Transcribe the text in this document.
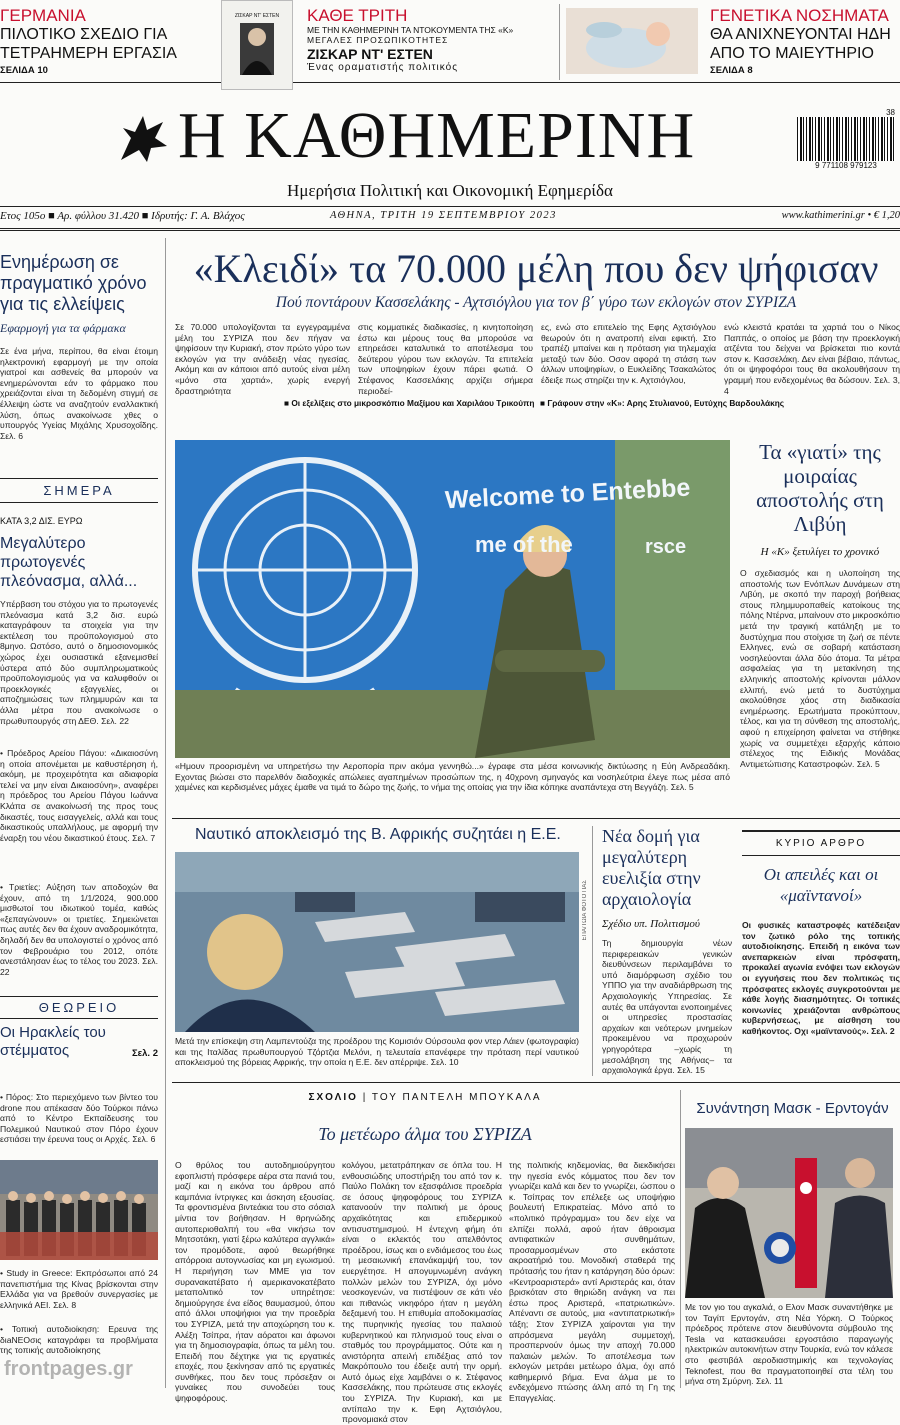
ΓΕΡΜΑΝΙΑ
ΠΙΛΟΤΙΚΟ ΣΧΕΔΙΟ ΓΙΑ ΤΕΤΡΑΗΜΕΡΗ ΕΡΓΑΣΙΑ
ΣΕΛΙΔΑ 10
ΖΙΣΚΑΡ ΝΤ' ΕΣΤΕΝ	ΚΑΘΕ ΤΡΙΤΗ
ΜΕ ΤΗΝ ΚΑΘΗΜΕΡΙΝΗ ΤΑ ΝΤΟΚΟΥΜΕΝΤΑ ΤΗΣ «Κ»
ΜΕΓΑΛΕΣ ΠΡΟΣΩΠΙΚΟΤΗΤΕΣ
ΖΙΣΚΑΡ ΝΤ' ΕΣΤΕΝ
Ένας οραματιστής πολιτικός
ΓΕΝΕΤΙΚΑ ΝΟΣΗΜΑΤΑ
ΘΑ ΑΝΙΧΝΕΥΟΝΤΑΙ ΗΔΗ ΑΠΟ ΤΟ ΜΑΙΕΥΤΗΡΙΟ
ΣΕΛΙΔΑ 8
Η ΚΑΘΗΜΕΡΙΝΗ	38
9 771108 979123
Ημερήσια Πολιτική και Οικονομική Εφημερίδα
Ετος 105ο ■ Αρ. φύλλου 31.420 ■ Ιδρυτής: Γ. Α. Βλάχος	ΑΘΗΝΑ, ΤΡΙΤΗ 19 ΣΕΠΤΕΜΒΡΙΟΥ 2023	www.kathimerini.gr • € 1,20
Ενημέρωση σε πραγματικό χρόνο για τις ελλείψεις
Εφαρμογή για τα φάρμακα
Σε ένα μήνα, περίπου, θα είναι έτοιμη ηλεκτρονική εφαρμογή με την οποία γιατροί και ασθενείς θα μπορούν να ενημερώνονται εάν το φάρμακο που χρειάζονται είναι τη δεδομένη στιγμή σε έλλειψη ώστε να αναζητούν εναλλακτική λύση, όπως ανακοίνωσε χθες ο υπουργός Υγείας Μιχάλης Χρυσοχοΐδης. Σελ. 6
ΣΗΜΕΡΑ
ΚΑΤΑ 3,2 ΔΙΣ. ΕΥΡΩ
Μεγαλύτερο πρωτογενές πλεόνασμα, αλλά...
Υπέρβαση του στόχου για το πρωτογενές πλεόνασμα κατά 3,2 δισ. ευρώ καταγράφουν τα στοιχεία για την εκτέλεση του προϋπολογισμού στο 8μηνο. Ωστόσο, αυτό ο δημοσιονομικός χώρος έχει ουσιαστικά εξανεμισθεί ύστερα από δύο συμπληρωματικούς προϋπολογισμούς για να καλυφθούν οι προεκλογικές εξαγγελίες, οι αποζημιώσεις των πλημμυρών και τα άλλα μέτρα που ανακοίνωσε ο πρωθυπουργός στη ΔΕΘ. Σελ. 22
• Πρόεδρος Αρείου Πάγου: «Δικαιοσύνη η οποία απονέμεται με καθυστέρηση ή, ακόμη, με προχειρότητα και αδιαφορία τελεί να μην είναι Δικαιοσύνη», αναφέρει η πρόεδρος του Αρείου Πάγου Ιωάννα Κλάπα σε ανακοίνωσή της προς τους δικαστές, τους εισαγγελείς, αλλά και τους δικαστικούς υπαλλήλους, με αφορμή την έναρξη του νέου δικαστικού έτους. Σελ. 7
• Τριετίες: Αύξηση των αποδοχών θα έχουν, από τη 1/1/2024, 900.000 μισθωτοί του ιδιωτικού τομέα, καθώς «ξεπαγώνουν» οι τριετίες. Σημειώνεται πως αυτές δεν θα έχουν αναδρομικότητα, δηλαδή δεν θα υπολογιστεί ο χρόνος από τον Φεβρουάριο του 2012, οπότε ανεστάλησαν έως το τέλος του 2023. Σελ. 22
ΘΕΩΡΕΙΟ
Οι Ηρακλείς του στέμματος	Σελ. 2
• Πόρος: Στο περιεχόμενο των βίντεο του drone που απέκασαν δύο Τούρκοι πάνω από το Κέντρο Εκπαίδευσης του Πολεμικού Ναυτικού στον Πόρο έχουν εστιάσει την έρευνα τους οι Αρχές. Σελ. 6
• Study in Greece: Εκπρόσωποι από 24 πανεπιστήμια της Κίνας βρίσκονται στην Ελλάδα για να βρεθούν συνεργασίες με ελληνικά ΑΕΙ. Σελ. 8
• Τοπική αυτοδιοίκηση: Ερευνα της διaNEOσις καταγράφει τα προβλήματα της τοπικής αυτοδιοίκησης
frontpages.gr
«Κλειδί» τα 70.000 μέλη που δεν ψήφισαν
Πού ποντάρουν Κασσελάκης - Αχτσιόγλου για τον β΄ γύρο των εκλογών στον ΣΥΡΙΖΑ
Σε 70.000 υπολογίζονται τα εγγεγραμμένα μέλη του ΣΥΡΙΖΑ που δεν πήγαν να ψηφίσουν την Κυριακή, στον πρώτο γύρο των εκλογών για την ανάδειξη νέας ηγεσίας. Ακόμη και αν κάποιοι από αυτούς είναι μέλη «μόνο στα χαρτιά», χωρίς ενεργή δραστηριότητα
στις κομματικές διαδικασίες, η κινητοποίηση έστω και μέρους τους θα μπορούσε να επηρεάσει καταλυτικά το αποτέλεσμα του δεύτερου γύρου των εκλογών. Τα επιτελεία των υποψηφίων έχουν πάρει φωτιά. Ο Στέφανος Κασσελάκης αρχίζει σήμερα περιοδεί-
ες, ενώ στο επιτελείο της Εφης Αχτσιόγλου θεωρούν ότι η ανατροπή είναι εφικτή. Στο τραπέζι μπαίνει και η πρόταση για τηλεμαχία μεταξύ των δύο. Οσον αφορά τη στάση των άλλων υποψηφίων, ο Ευκλείδης Τσακαλώτος έδειξε πως στηρίζει την κ. Αχτσιόγλου,
ενώ κλειστά κρατάει τα χαρτιά του ο Νίκος Παππάς, ο οποίος με βάση την προεκλογική ατζέντα του δείχνει να βρίσκεται πιο κοντά στον κ. Κασσελάκη. Δεν είναι βέβαιο, πάντως, ότι οι ψηφοφόροι τους θα ακολουθήσουν τη γραμμή που ενδεχομένως θα δώσουν. Σελ. 3, 4
■ Οι εξελίξεις στο μικροσκόπιο Μαξίμου και Χαριλάου Τρικούπη ■ Γράφουν στην «Κ»: Αρης Στυλιανού, Ευτύχης Βαρδουλάκης
Welcome to Entebbe
me of the	rsce
«Ημουν προορισμένη να υπηρετήσω την Αεροπορία πριν ακόμα γεννηθώ...» έγραφε στα μέσα κοινωνικής δικτύωσης η Εύη Ανδρεαδάκη. Εχοντας βιώσει στο παρελθόν διαδοχικές απώλειες αγαπημένων προσώπων της, η 40χρονη σμηναγός και νοσηλεύτρια έλεγε πως μέσα από χαμένες και κερδισμένες μάχες έμαθε να τιμά το δώρο της ζωής, το νήμα της οποίας για την ίδια κόπηκε αναπάντεχα στη Βεγγάζη. Σελ. 5
Τα «γιατί» της μοιραίας αποστολής στη Λιβύη
Η «Κ» ξετυλίγει το χρονικό
Ο σχεδιασμός και η υλοποίηση της αποστολής των Ενόπλων Δυνάμεων στη Λιβύη, με σκοπό την παροχή βοήθειας στους πλημμυροπαθείς κατοίκους της πόλης Ντέρνα, μπαίνουν στο μικροσκόπιο μετά την τραγική κατάληξη με το δυστύχημα που στοίχισε τη ζωή σε πέντε Ελληνες, ενώ σε σοβαρή κατάσταση νοσηλεύονται άλλα δύο άτομα. Τα μέτρα ασφαλείας για τη μετακίνηση της ελληνικής αποστολής κρίνονται μάλλον ελλιπή, ενώ μετά το δυστύχημα ακολούθησε χάος στη διαδικασία ενημέρωσης. Ερωτήματα προκύπτουν, τέλος, και για τη σύνθεση της αποστολής, αφού η επιχείρηση φαίνεται να στήθηκε χωρίς να συμμετέχει εξαρχής κάποιο στέλεχος της Ειδικής Μονάδας Αντιμετώπισης Καταστροφών. Σελ. 5
Ναυτικό αποκλεισμό της Β. Αφρικής συζητάει η Ε.Ε.
ΕΠΑ/ΤΩΙΑ ΦΟΤΟ ΠΑΣ
Μετά την επίσκεψη στη Λαμπεντούζα της προέδρου της Κομισιόν Ούρσουλα φον ντερ Λάιεν (φωτογραφία) και της Ιταλίδας πρωθυπουργού Τζόρτζια Μελόνι, η τελευταία επανέφερε την πρόταση περί ναυτικού αποκλεισμού της βόρειας Αφρικής, την οποία η Ε.Ε. δεν απέρριψε. Σελ. 10
Νέα δομή για μεγαλύτερη ευελιξία στην αρχαιολογία
Σχέδιο υπ. Πολιτισμού
Τη δημιουργία νέων περιφερειακών γενικών διευθύνσεων περιλαμβάνει το υπό διαμόρφωση σχέδιο του ΥΠΠΟ για την αναδιάρθρωση της Αρχαιολογικής Υπηρεσίας. Σε αυτές θα υπάγονται ενοποιημένες οι υπηρεσίες προστασίας αρχαίων και νεότερων μνημείων προκειμένου να προχωρούν γρηγορότερα –χωρίς τη μεσολάβηση της Αθήνας– τα αρχαιολογικά έργα. Σελ. 15
ΚΥΡΙΟ ΑΡΘΡΟ
Οι απειλές και οι «μαϊντανοί»
Οι φυσικές καταστροφές κατέδειξαν τον ζωτικό ρόλο της τοπικής αυτοδιοίκησης. Επειδή η εικόνα των ανεπαρκειών είναι πρόσφατη, προκαλεί αγωνία ενόψει των εκλογών οι εγγυήσεις που δεν πολιτικώς τις πρόσφατες εκλογές συγκροτούνται με κάθε λογής διασημότητες. Οι τοπικές κοινωνίες χρειάζονται ανθρώπους κυβερνήσεως, με αίσθηση του καθήκοντος. Οχι «μαϊντανούς». Σελ. 2
ΣΧΟΛΙΟ | ΤΟΥ ΠΑΝΤΕΛΗ ΜΠΟΥΚΑΛΑ
Το μετέωρο άλμα του ΣΥΡΙΖΑ
Ο θρύλος του αυτοδημιούργητου εφοπλιστή πρόσφερε αέρα στα πανιά του, μαζί και η εικόνα του άρθρου από καμπάνια ίντριγκες και άσκηση εξουσίας. Τα φροντισμένα βιντεάκια του στο σόσιαλ μίντια τον βοήθησαν. Η θρηνώδης αυτοπεριοθαλπή του «θα νικήσω τον Μητσοτάκη, γιατί ξέρω καλύτερα αγγλικά» τον προμόδοτε, αφού θεωρήθηκε απόρροια αυτογνωσίας και μη εγωισμού. Η περιήγηση των ΜΜΕ για τον συρανακατέβατο ή αμερικανοκατέβατο μεταπολιτικό τον υπηρέτησε: δημιούργησε ένα είδος θαυμασμού, όπου από άλλοι υποψήφιοι για την προεδρία του ΣΥΡΙΖΑ, μετά την αποχώρηση του κ. Αλέξη Τσίπρα, ήταν αόρατοι και άφωνοι για τη δημοσιογραφία, όπως τα μέλη του. Επειδή που δέχτηκε για τις εργατικές εποχές, που ξεκίνησαν από τις εργατικές συνθήκες, που δεν τους πρόσεξαν οι γυναίκες που συνοδεύει τους ψηφοφόρους.
κολόγου, μετατράπηκαν σε όπλα του. Η ενθουσιώδης υποστήριξη του από τον κ. Παύλο Πολάκη τον εξασφάλισε προεδρία σε όσους ψηφοφόρους του ΣΥΡΙΖΑ κατανοούν την πολιτική με όρους αρχαϊκότητας και επιδερμικού αντισυστημισμού. Η έντεχνη φήμη ότι είναι ο εκλεκτός του απελθόντος προέδρου, ίσως και ο ενδιάμεσος του έως τη μεσαιωνική επανάκαμψή του, τον ευεργέτησε. Η απογυμνωμένη ανάγκη πολλών μελών του ΣΥΡΙΖΑ, όχι μόνο νεοσκογενών, να πιστέψουν σε κάτι νέο και πιθανώς νικηφόρο ήταν η μεγάλη δεξαμενή του. Η επιθυμία αποδοκιμασίας της πυρηνικής ηγεσίας του παλαιού κυβερνητικού και πληνισμού τους είναι ο σταθμός του προγράμματος. Ούτε και η ανιστόρητα απειλή επιδέξιας από τον Μακρόπουλο του έδειξε αυτή την ορμή. Αυτό όμως είχε λαμβάνει ο κ. Στέφανος Κασσελάκης, που πρώτευσε στις εκλογές του ΣΥΡΙΖΑ. Την Κυριακή, και με αντίπαλο την κ. Εφη Αχτσιόγλου, προνομιακά στον
της πολιτικής κηδεμονίας, θα διεκδικήσει την ηγεσία ενός κόμματος που δεν τον γνωρίζει καλά και δεν το γνωρίζει, ώσπου ο κ. Τσίπρας τον επέλεξε ως υποψήφιο βουλευτή Επικρατείας. Μόνο από το «πολιτικό πρόγραμμα» του δεν είχε να ελπίζει πολλά, αφού ήταν άθροισμα αντιφατικών συνθημάτων, προσαρμοσμένων στο εκάστοτε ακροατήριό του. Μονοδική σταθερά της πρότασής του ήταν η κατάργηση δύο όρων: «Κεντροαριστερά» αντί Αριστεράς και, όταν βρισκόταν στο θηριώδη ανάγκη να πει έστω προς Αριστερά, «πατριωτικών». Απέναντι σε αυτούς, μια «αντιπατριωτική» τάξη; Στον ΣΥΡΙΖΑ χαίρονται για την απρόσμενα μεγάλη συμμετοχή, προσπερνούν όμως την αποχή 70.000 παλαιών μελών. Το αποτέλεσμα των εκλογών μετράει μετέωρο άλμα, όχι από καθημερινό βήμα. Ενα άλμα με το ενδεχόμενο πτώσης άλλη από τη Γη της Επαγγελίας.
Συνάντηση Μασκ - Ερντογάν
Με τον γιο του αγκαλιά, ο Ελον Μασκ συναντήθηκε με τον Ταγίπ Ερντογάν, στη Νέα Υόρκη. Ο Τούρκος πρόεδρος πρότεινε στον διευθύνοντα σύμβουλο της Tesla να κατασκευάσει εργοστάσιο παραγωγής ηλεκτρικών αυτοκινήτων στην Τουρκία, ενώ τον κάλεσε στο φεστιβάλ αεροδιαστημικής και τεχνολογίας Teknofest, που θα πραγματοποιηθεί στα τέλη του μήνα στη Σμύρνη. Σελ. 11
